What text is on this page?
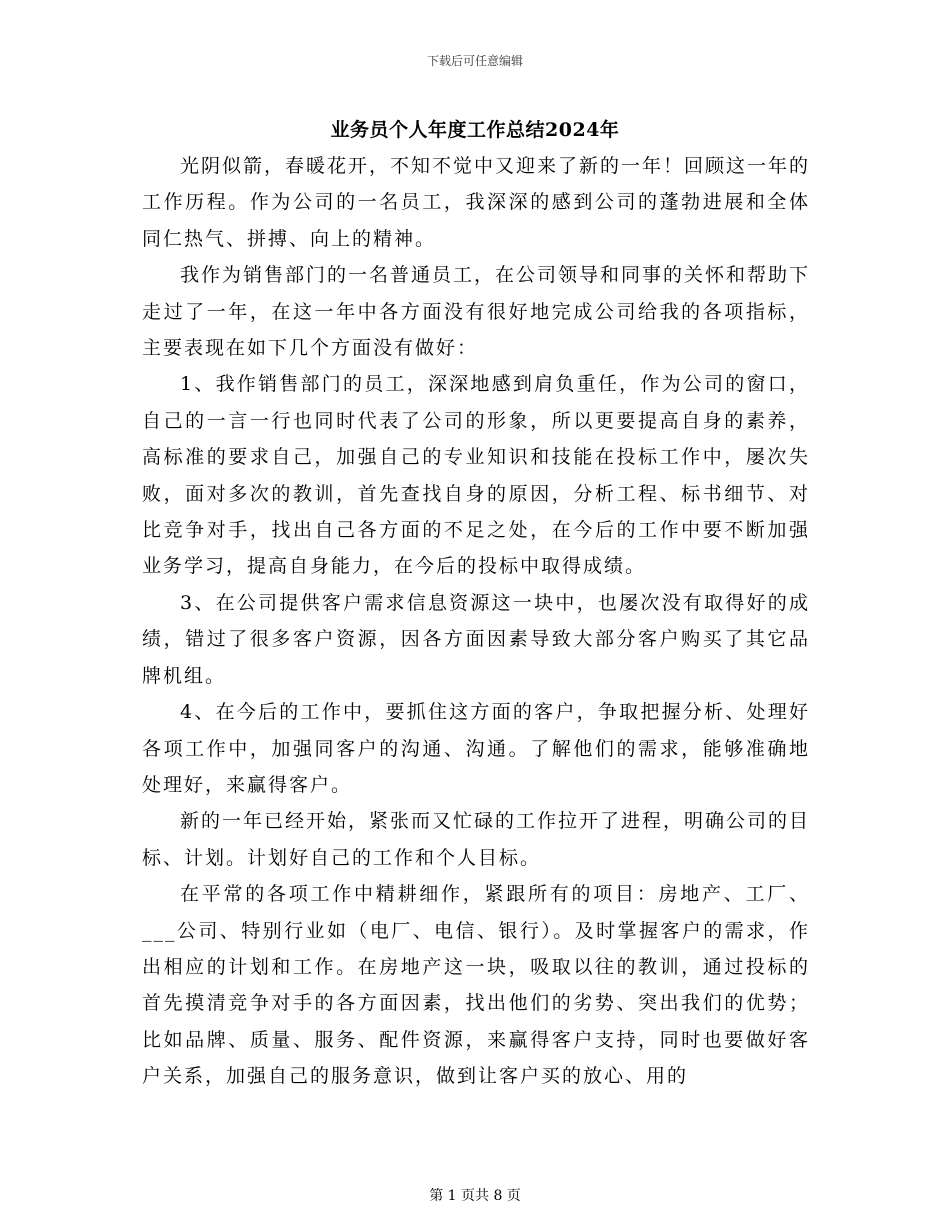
下载后可任意编辑
业务员个人年度工作总结2024年

光阴似箭，春暖花开，不知不觉中又迎来了新的一年！回顾这一年的工作历程。作为公司的一名员工，我深深的感到公司的蓬勃进展和全体同仁热气、拼搏、向上的精神。

我作为销售部门的一名普通员工，在公司领导和同事的关怀和帮助下走过了一年，在这一年中各方面没有很好地完成公司给我的各项指标，主要表现在如下几个方面没有做好：

1、我作销售部门的员工，深深地感到肩负重任，作为公司的窗口，自己的一言一行也同时代表了公司的形象，所以更要提高自身的素养，高标准的要求自己，加强自己的专业知识和技能在投标工作中，屡次失败，面对多次的教训，首先查找自身的原因，分析工程、标书细节、对比竞争对手，找出自己各方面的不足之处，在今后的工作中要不断加强业务学习，提高自身能力，在今后的投标中取得成绩。

3、在公司提供客户需求信息资源这一块中，也屡次没有取得好的成绩，错过了很多客户资源，因各方面因素导致大部分客户购买了其它品牌机组。

4、在今后的工作中，要抓住这方面的客户，争取把握分析、处理好各项工作中，加强同客户的沟通、沟通。了解他们的需求，能够准确地处理好，来赢得客户。

新的一年已经开始，紧张而又忙碌的工作拉开了进程，明确公司的目标、计划。计划好自己的工作和个人目标。

在平常的各项工作中精耕细作，紧跟所有的项目：房地产、工厂、___公司、特别行业如（电厂、电信、银行）。及时掌握客户的需求，作出相应的计划和工作。在房地产这一块，吸取以往的教训，通过投标的首先摸清竞争对手的各方面因素，找出他们的劣势、突出我们的优势；比如品牌、质量、服务、配件资源，来赢得客户支持，同时也要做好客户关系，加强自己的服务意识，做到让客户买的放心、用的

第 1 页共 8 页
